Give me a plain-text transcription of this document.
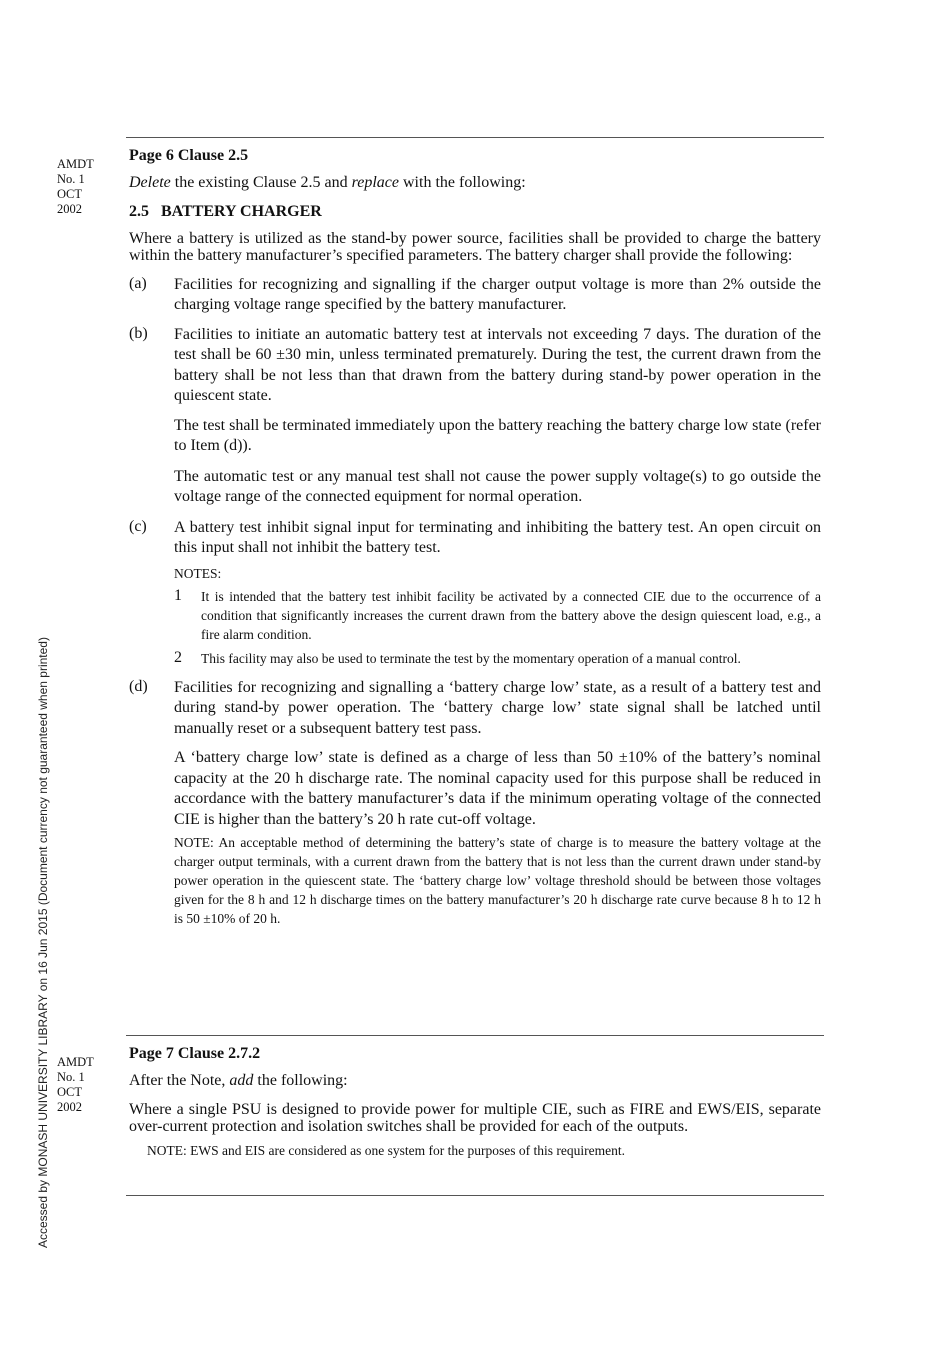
Accessed by MONASH UNIVERSITY LIBRARY on 16 Jun 2015 (Document currency not guaranteed when printed)
AMDT
No. 1
OCT
2002
AMDT
No. 1
OCT
2002

Page 6 Clause 2.5

Delete the existing Clause 2.5 and replace with the following:

2.5   BATTERY CHARGER

Where a battery is utilized as the stand-by power source, facilities shall be provided to charge the battery within the battery manufacturer’s specified parameters. The battery charger shall provide the following:

(a) Facilities for recognizing and signalling if the charger output voltage is more than 2% outside the charging voltage range specified by the battery manufacturer.

(b) Facilities to initiate an automatic battery test at intervals not exceeding 7 days. The duration of the test shall be 60 ±30 min, unless terminated prematurely. During the test, the current drawn from the battery shall be not less than that drawn from the battery during stand-by power operation in the quiescent state.

The test shall be terminated immediately upon the battery reaching the battery charge low state (refer to Item (d)).

The automatic test or any manual test shall not cause the power supply voltage(s) to go outside the voltage range of the connected equipment for normal operation.

(c) A battery test inhibit signal input for terminating and inhibiting the battery test. An open circuit on this input shall not inhibit the battery test.

NOTES:

1 It is intended that the battery test inhibit facility be activated by a connected CIE due to the occurrence of a condition that significantly increases the current drawn from the battery above the design quiescent load, e.g., a fire alarm condition.

2 This facility may also be used to terminate the test by the momentary operation of a manual control.

(d) Facilities for recognizing and signalling a ‘battery charge low’ state, as a result of a battery test and during stand-by power operation. The ‘battery charge low’ state signal shall be latched until manually reset or a subsequent battery test pass.

A ‘battery charge low’ state is defined as a charge of less than 50 ±10% of the battery’s nominal capacity at the 20 h discharge rate. The nominal capacity used for this purpose shall be reduced in accordance with the battery manufacturer’s data if the minimum operating voltage of the connected CIE is higher than the battery’s 20 h rate cut-off voltage.

NOTE: An acceptable method of determining the battery’s state of charge is to measure the battery voltage at the charger output terminals, with a current drawn from the battery that is not less than the current drawn under stand-by power operation in the quiescent state. The ‘battery charge low’ voltage threshold should be between those voltages given for the 8 h and 12 h discharge times on the battery manufacturer’s 20 h discharge rate curve because 8 h to 12 h is 50 ±10% of 20 h.

Page 7 Clause 2.7.2

After the Note, add the following:

Where a single PSU is designed to provide power for multiple CIE, such as FIRE and EWS/EIS, separate over-current protection and isolation switches shall be provided for each of the outputs.

NOTE: EWS and EIS are considered as one system for the purposes of this requirement.
